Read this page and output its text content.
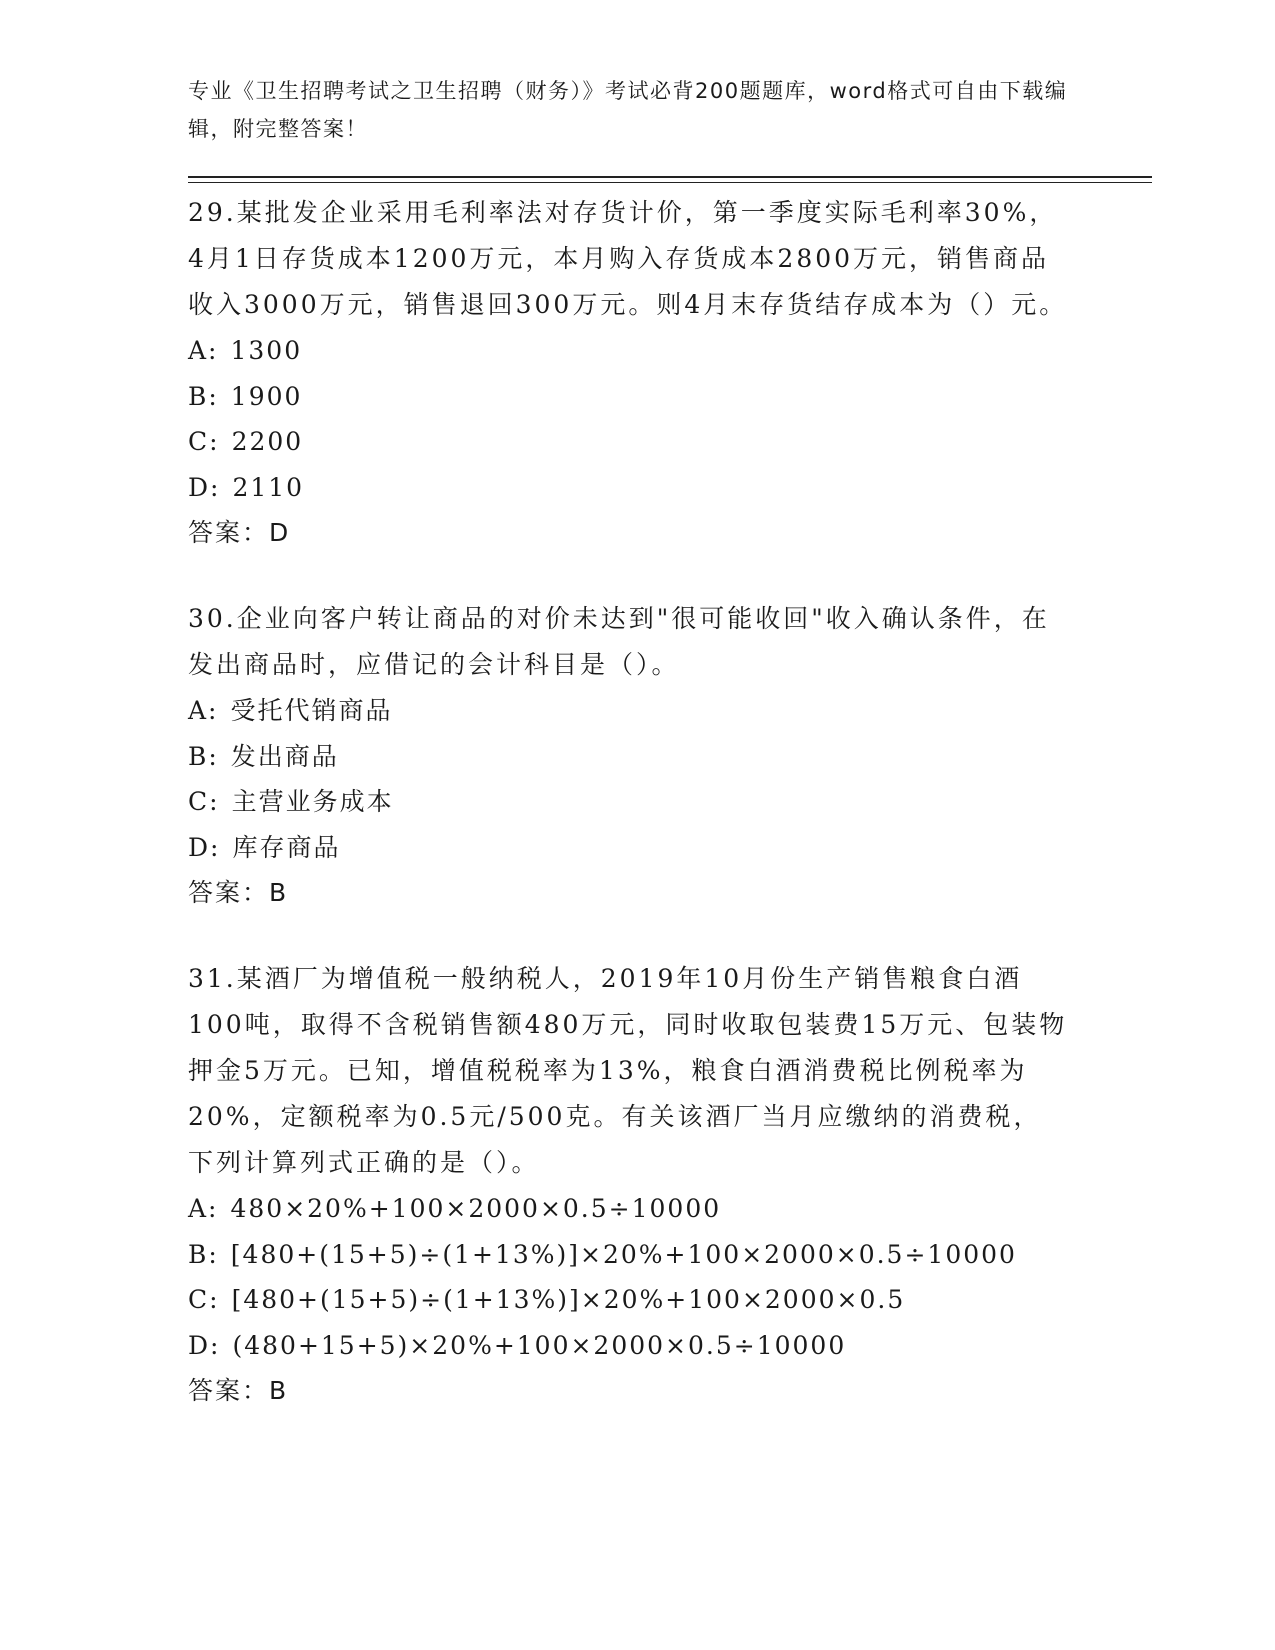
专业《卫生招聘考试之卫生招聘（财务）》考试必背200题题库，word格式可自由下载编辑，附完整答案！
29.某批发企业采用毛利率法对存货计价，第一季度实际毛利率30%，4月1日存货成本1200万元，本月购入存货成本2800万元，销售商品收入3000万元，销售退回300万元。则4月末存货结存成本为（）元。
A: 1300
B: 1900
C: 2200
D: 2110
答案：D
30.企业向客户转让商品的对价未达到"很可能收回"收入确认条件，在发出商品时，应借记的会计科目是（）。
A: 受托代销商品
B: 发出商品
C: 主营业务成本
D: 库存商品
答案：B
31.某酒厂为增值税一般纳税人，2019年10月份生产销售粮食白酒100吨，取得不含税销售额480万元，同时收取包装费15万元、包装物押金5万元。已知，增值税税率为13%，粮食白酒消费税比例税率为20%，定额税率为0.5元/500克。有关该酒厂当月应缴纳的消费税，下列计算列式正确的是（）。
A: 480×20%+100×2000×0.5÷10000
B: [480+(15+5)÷(1+13%)]×20%+100×2000×0.5÷10000
C: [480+(15+5)÷(1+13%)]×20%+100×2000×0.5
D: (480+15+5)×20%+100×2000×0.5÷10000
答案：B
